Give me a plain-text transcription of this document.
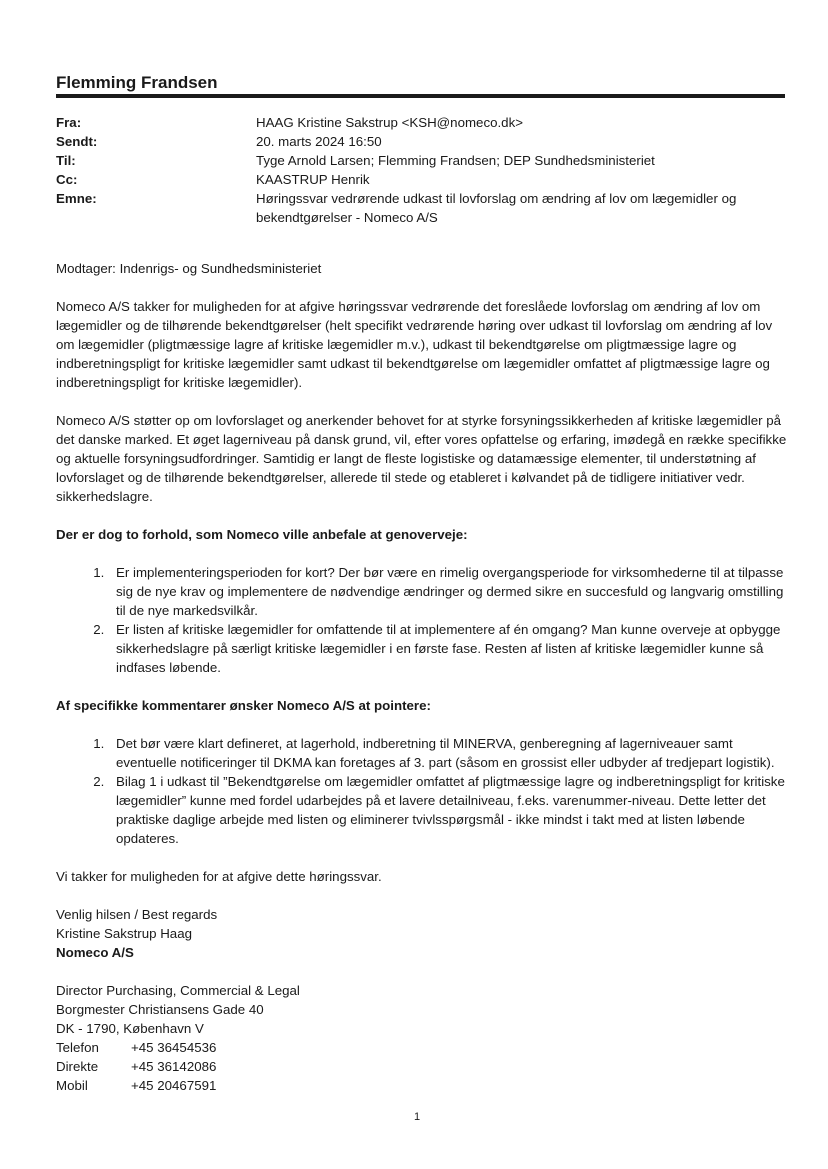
Flemming Frandsen
Fra:	HAAG Kristine Sakstrup <KSH@nomeco.dk>
Sendt:	20. marts 2024 16:50
Til:	Tyge Arnold Larsen; Flemming Frandsen; DEP Sundhedsministeriet
Cc:	KAASTRUP Henrik
Emne:	Høringssvar vedrørende udkast til lovforslag om ændring af lov om lægemidler og bekendtgørelser - Nomeco A/S

Modtager: Indenrigs- og Sundhedsministeriet

Nomeco A/S takker for muligheden for at afgive høringssvar vedrørende det foreslåede lovforslag om ændring af lov om lægemidler og de tilhørende bekendtgørelser (helt specifikt vedrørende høring over udkast til lovforslag om ændring af lov om lægemidler (pligtmæssige lagre af kritiske lægemidler m.v.), udkast til bekendtgørelse om pligtmæssige lagre og indberetningspligt for kritiske lægemidler samt udkast til bekendtgørelse om lægemidler omfattet af pligtmæssige lagre og indberetningspligt for kritiske lægemidler).

Nomeco A/S støtter op om lovforslaget og anerkender behovet for at styrke forsyningssikkerheden af kritiske lægemidler på det danske marked. Et øget lagerniveau på dansk grund, vil, efter vores opfattelse og erfaring, imødegå en række specifikke og aktuelle forsyningsudfordringer. Samtidig er langt de fleste logistiske og datamæssige elementer, til understøtning af lovforslaget og de tilhørende bekendtgørelser, allerede til stede og etableret i kølvandet på de tidligere initiativer vedr. sikkerhedslagre.

Der er dog to forhold, som Nomeco ville anbefale at genoverveje:

1. Er implementeringsperioden for kort? Der bør være en rimelig overgangsperiode for virksomhederne til at tilpasse sig de nye krav og implementere de nødvendige ændringer og dermed sikre en succesfuld og langvarig omstilling til de nye markedsvilkår.
2. Er listen af kritiske lægemidler for omfattende til at implementere af én omgang? Man kunne overveje at opbygge sikkerhedslagre på særligt kritiske lægemidler i en første fase. Resten af listen af kritiske lægemidler kunne så indfases løbende.

Af specifikke kommentarer ønsker Nomeco A/S at pointere:

1. Det bør være klart defineret, at lagerhold, indberetning til MINERVA, genberegning af lagerniveauer samt eventuelle notificeringer til DKMA kan foretages af 3. part (såsom en grossist eller udbyder af tredjepart logistik).
2. Bilag 1 i udkast til ”Bekendtgørelse om lægemidler omfattet af pligtmæssige lagre og indberetningspligt for kritiske lægemidler” kunne med fordel udarbejdes på et lavere detailniveau, f.eks. varenummer-niveau. Dette letter det praktiske daglige arbejde med listen og eliminerer tvivlsspørgsmål - ikke mindst i takt med at listen løbende opdateres.

Vi takker for muligheden for at afgive dette høringssvar.

Venlig hilsen / Best regards
Kristine Sakstrup Haag
Nomeco A/S
Director Purchasing, Commercial & Legal
Borgmester Christiansens Gade 40
DK - 1790, København V
Telefon	+45 36454536
Direkte	+45 36142086
Mobil	+45 20467591
1
